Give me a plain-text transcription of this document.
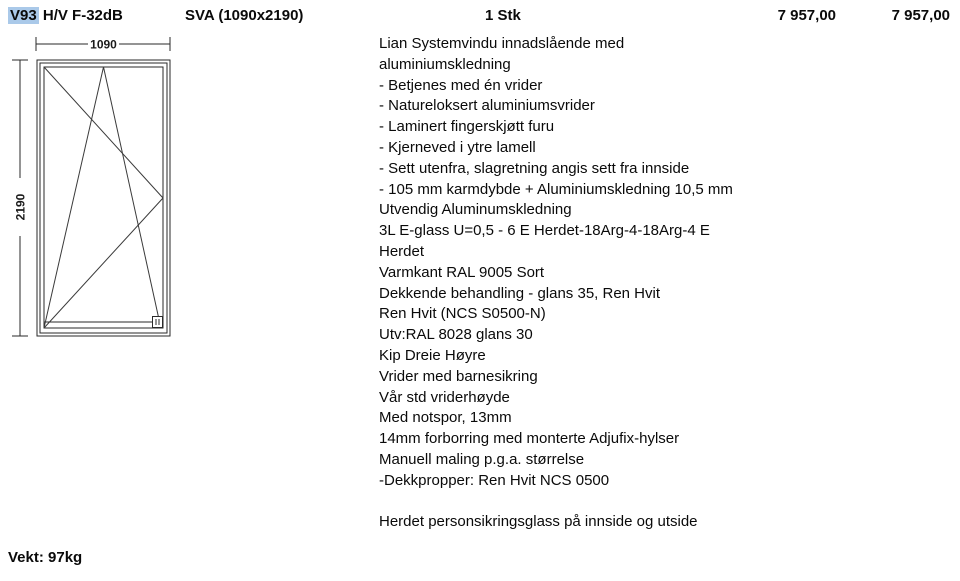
V93 H/V F-32dB	SVA (1090x2190)	1 Stk	7 957,00	7 957,00
1090
2190
Lian Systemvindu innadslående med
aluminiumskledning
- Betjenes med én vrider
- Natureloksert aluminiumsvrider
- Laminert fingerskjøtt furu
- Kjerneved i ytre lamell
- Sett utenfra, slagretning angis sett fra innside
- 105 mm karmdybde + Aluminiumskledning 10,5 mm
Utvendig Aluminumskledning
3L E-glass U=0,5 - 6 E Herdet-18Arg-4-18Arg-4 E
Herdet
Varmkant RAL 9005 Sort
Dekkende behandling - glans 35, Ren Hvit
Ren Hvit (NCS S0500-N)
Utv:RAL 8028 glans 30
Kip Dreie Høyre
Vrider med barnesikring
Vår std vriderhøyde
Med notspor, 13mm
14mm forborring med monterte Adjufix-hylser
Manuell maling p.g.a. størrelse
-Dekkpropper: Ren Hvit NCS 0500
Herdet personsikringsglass på innside og utside
Vekt: 97kg
